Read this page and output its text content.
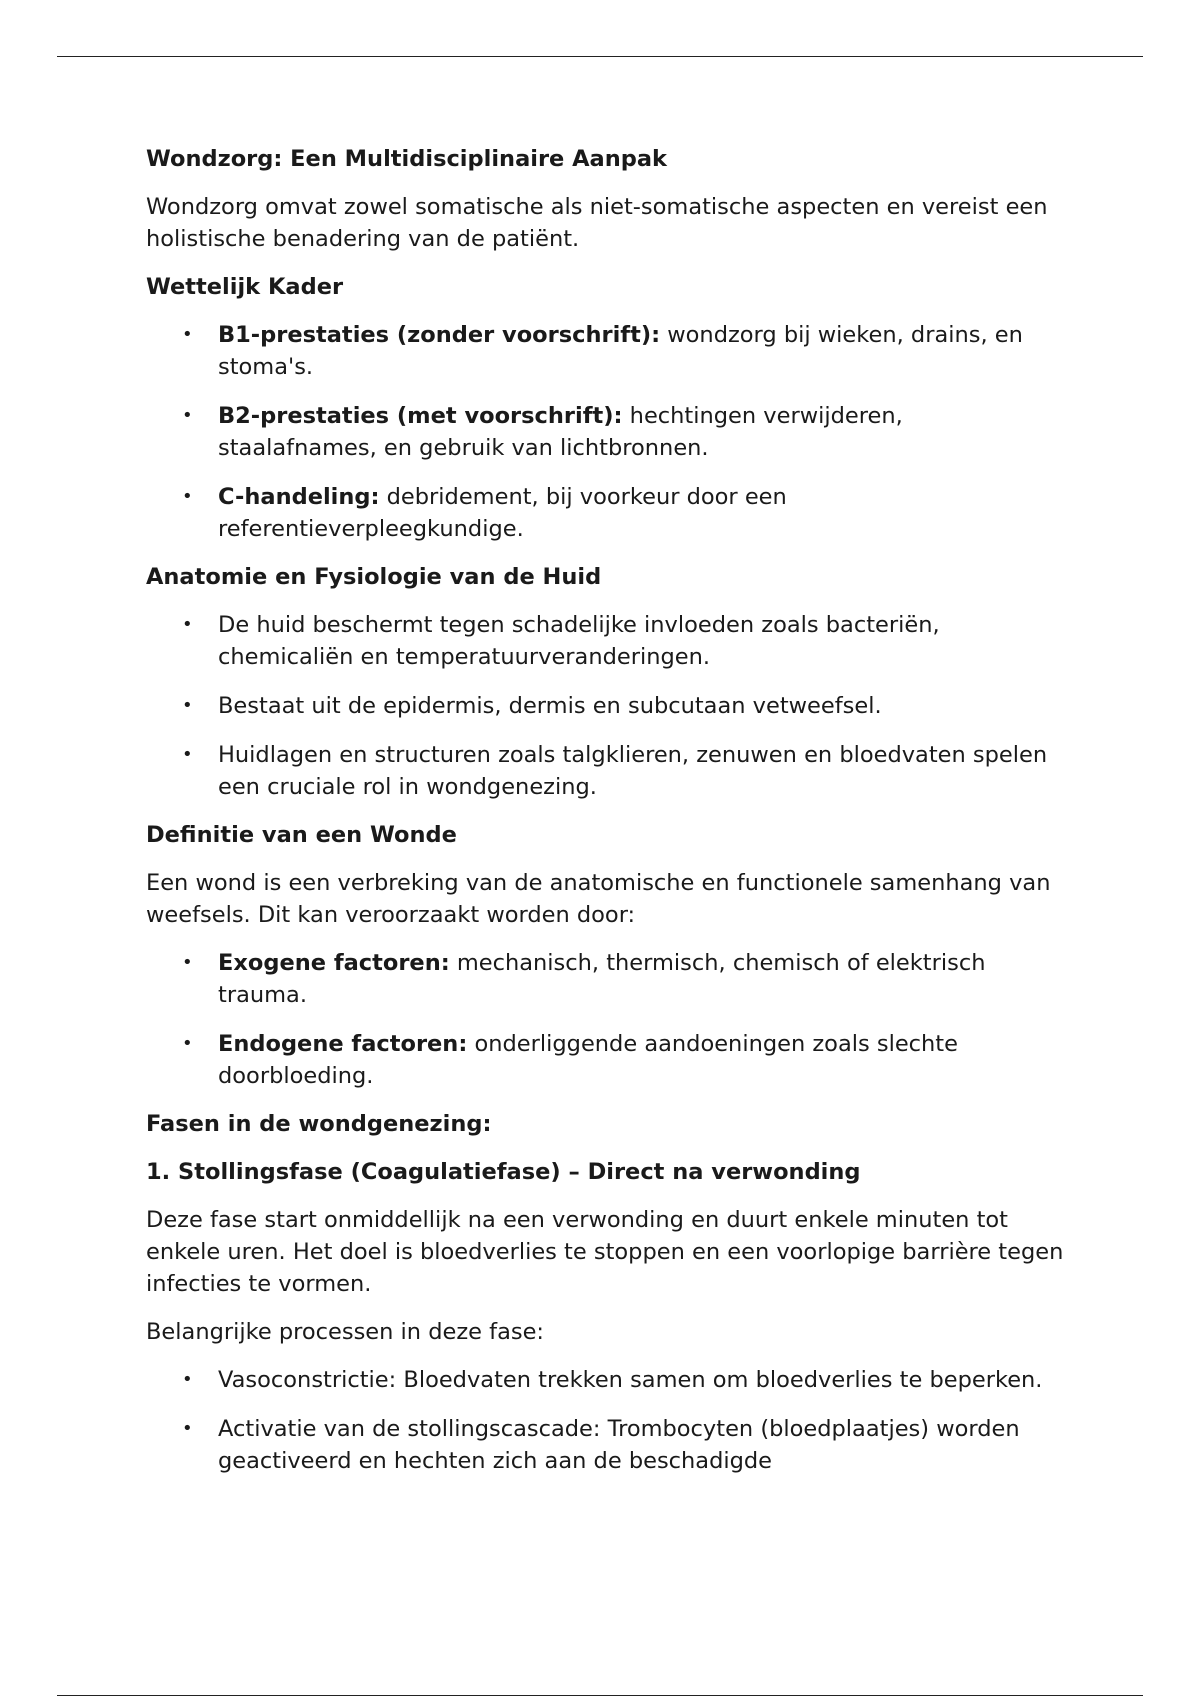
Wondzorg: Een Multidisciplinaire Aanpak

Wondzorg omvat zowel somatische als niet-somatische aspecten en vereist een holistische benadering van de patiënt.

Wettelijk Kader
• B1-prestaties (zonder voorschrift): wondzorg bij wieken, drains, en stoma's.
• B2-prestaties (met voorschrift): hechtingen verwijderen, staalafnames, en gebruik van lichtbronnen.
• C-handeling: debridement, bij voorkeur door een referentieverpleegkundige.
Anatomie en Fysiologie van de Huid
• De huid beschermt tegen schadelijke invloeden zoals bacteriën, chemicaliën en temperatuurveranderingen.
• Bestaat uit de epidermis, dermis en subcutaan vetweefsel.
• Huidlagen en structuren zoals talgklieren, zenuwen en bloedvaten spelen een cruciale rol in wondgenezing.
Definitie van een Wonde

Een wond is een verbreking van de anatomische en functionele samenhang van weefsels. Dit kan veroorzaakt worden door:

• Exogene factoren: mechanisch, thermisch, chemisch of elektrisch trauma.
• Endogene factoren: onderliggende aandoeningen zoals slechte doorbloeding.
Fasen in de wondgenezing:
1. Stollingsfase (Coagulatiefase) – Direct na verwonding

Deze fase start onmiddellijk na een verwonding en duurt enkele minuten tot enkele uren. Het doel is bloedverlies te stoppen en een voorlopige barrière tegen infecties te vormen.

Belangrijke processen in deze fase:

• Vasoconstrictie: Bloedvaten trekken samen om bloedverlies te beperken.
• Activatie van de stollingscascade: Trombocyten (bloedplaatjes) worden geactiveerd en hechten zich aan de beschadigde
